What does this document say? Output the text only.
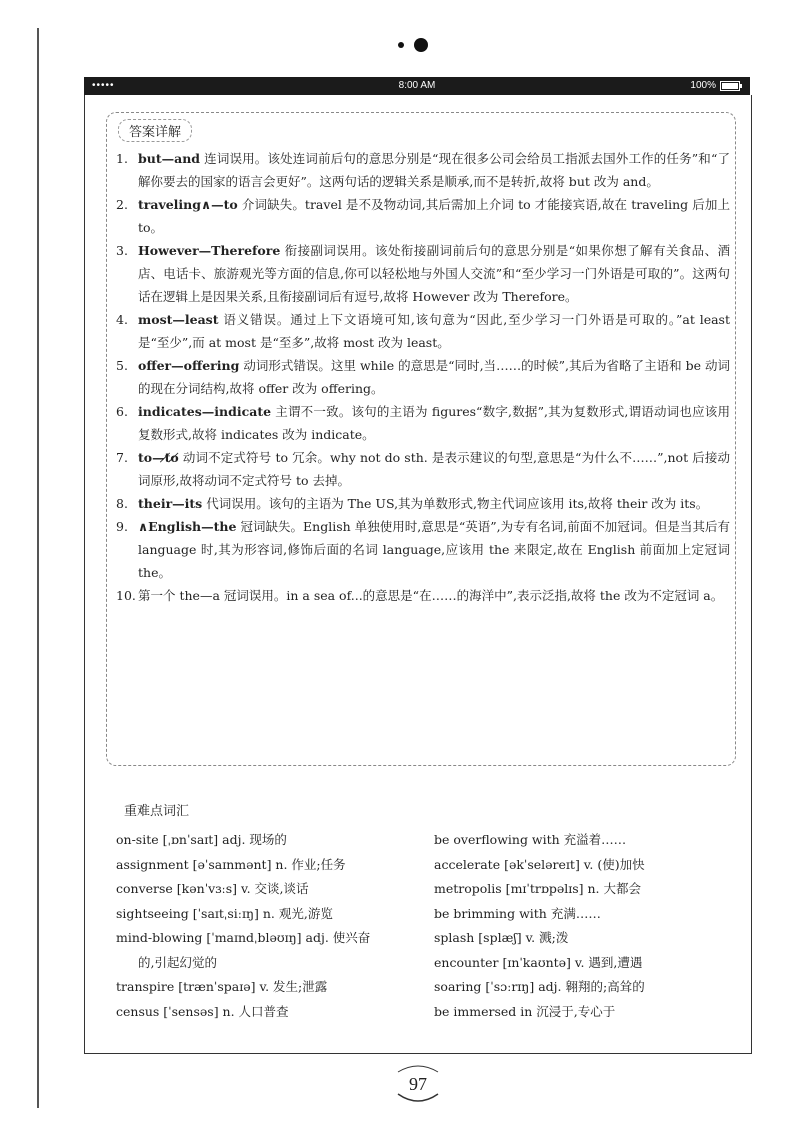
•••••	8:00 AM	100%
答案详解
1. but—and 连词误用。该处连词前后句的意思分别是“现在很多公司会给员工指派去国外工作的任务”和“了解你要去的国家的语言会更好”。这两句话的逻辑关系是顺承,而不是转折,故将 but 改为 and。
2. traveling∧—to 介词缺失。travel 是不及物动词,其后需加上介词 to 才能接宾语,故在 traveling 后加上 to。
3. However—Therefore 衔接副词误用。该处衔接副词前后句的意思分别是“如果你想了解有关食品、酒店、电话卡、旅游观光等方面的信息,你可以轻松地与外国人交流”和“至少学习一门外语是可取的”。这两句话在逻辑上是因果关系,且衔接副词后有逗号,故将 However 改为 Therefore。
4. most—least 语义错误。通过上下文语境可知,该句意为“因此,至少学习一门外语是可取的。”at least 是“至少”,而 at most 是“至多”,故将 most 改为 least。
5. offer—offering 动词形式错误。这里 while 的意思是“同时,当……的时候”,其后为省略了主语和 be 动词的现在分词结构,故将 offer 改为 offering。
6. indicates—indicate 主谓不一致。该句的主语为 figures“数字,数据”,其为复数形式,谓语动词也应该用复数形式,故将 indicates 改为 indicate。
7. to—t̸o̸ 动词不定式符号 to 冗余。why not do sth. 是表示建议的句型,意思是“为什么不……”,not 后接动词原形,故将动词不定式符号 to 去掉。
8. their—its 代词误用。该句的主语为 The US,其为单数形式,物主代词应该用 its,故将 their 改为 its。
9. ∧English—the 冠词缺失。English 单独使用时,意思是“英语”,为专有名词,前面不加冠词。但是当其后有 language 时,其为形容词,修饰后面的名词 language,应该用 the 来限定,故在 English 前面加上定冠词 the。
10. 第一个 the—a 冠词误用。in a sea of...的意思是“在……的海洋中”,表示泛指,故将 the 改为不定冠词 a。
重难点词汇
on-site [ˌɒnˈsaɪt] adj. 现场的
assignment [əˈsaɪnmənt] n. 作业;任务
converse [kənˈvɜːs] v. 交谈,谈话
sightseeing [ˈsaɪtˌsiːɪŋ] n. 观光,游览
mind-blowing [ˈmaɪndˌbləʊɪŋ] adj. 使兴奋
的,引起幻觉的
transpire [trænˈspaɪə] v. 发生;泄露
census [ˈsensəs] n. 人口普查
be overflowing with 充溢着……
accelerate [əkˈseləreɪt] v. (使)加快
metropolis [mɪˈtrɒpəlɪs] n. 大都会
be brimming with 充满……
splash [splæʃ] v. 溅;泼
encounter [ɪnˈkaʊntə] v. 遇到,遭遇
soaring [ˈsɔːrɪŋ] adj. 翱翔的;高耸的
be immersed in 沉浸于,专心于
97
